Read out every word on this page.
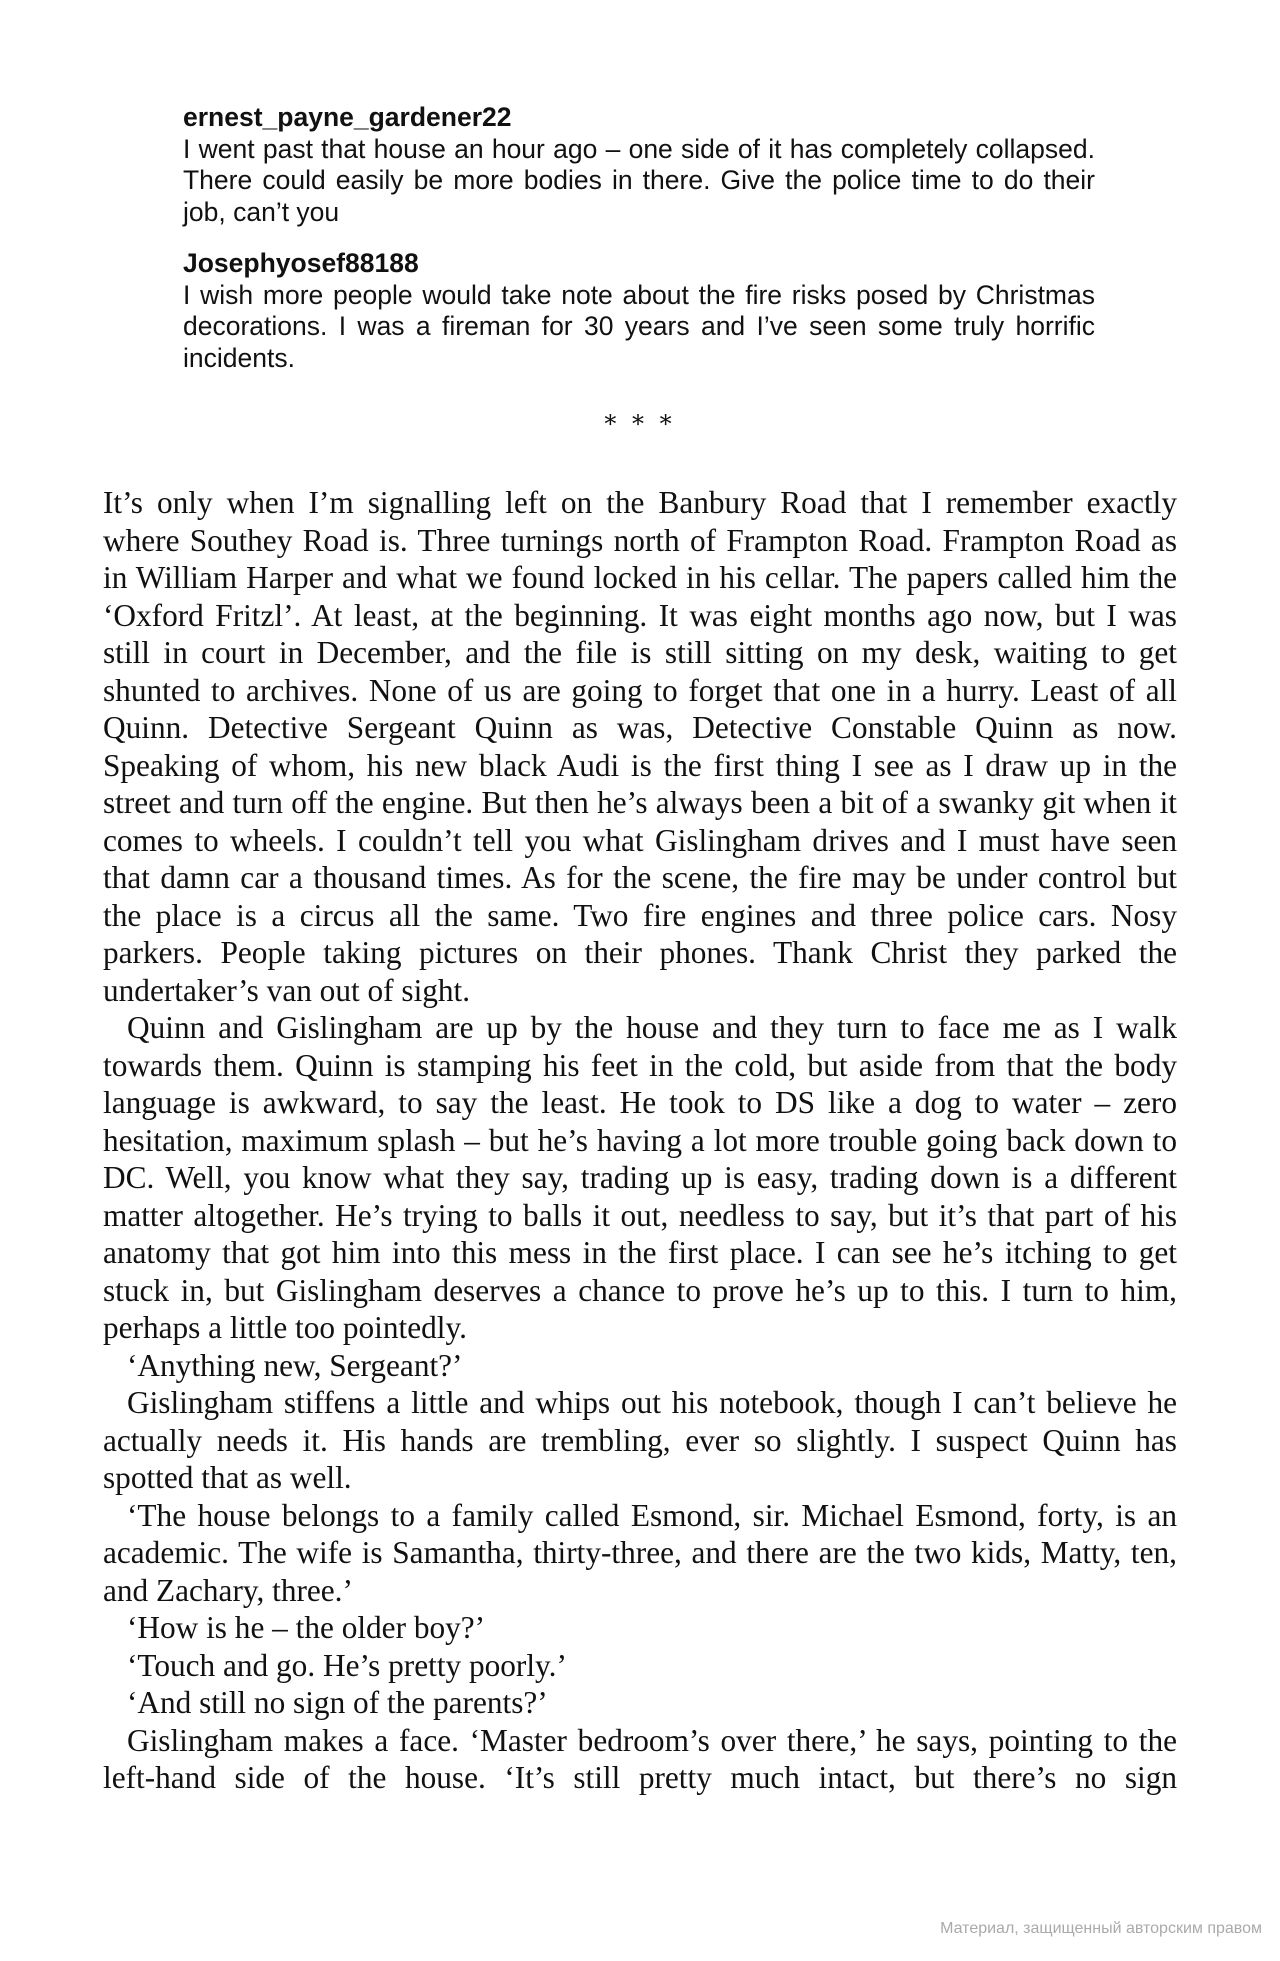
ernest_payne_gardener22
I went past that house an hour ago – one side of it has completely collapsed. There could easily be more bodies in there. Give the police time to do their job, can’t you
Josephyosef88188
I wish more people would take note about the fire risks posed by Christmas decorations. I was a fireman for 30 years and I’ve seen some truly horrific incidents.
* * *

It’s only when I’m signalling left on the Banbury Road that I remember exactly where Southey Road is. Three turnings north of Frampton Road. Frampton Road as in William Harper and what we found locked in his cellar. The papers called him the ‘Oxford Fritzl’. At least, at the beginning. It was eight months ago now, but I was still in court in December, and the file is still sitting on my desk, waiting to get shunted to archives. None of us are going to forget that one in a hurry. Least of all Quinn. Detective Sergeant Quinn as was, Detective Constable Quinn as now. Speaking of whom, his new black Audi is the first thing I see as I draw up in the street and turn off the engine. But then he’s always been a bit of a swanky git when it comes to wheels. I couldn’t tell you what Gislingham drives and I must have seen that damn car a thousand times. As for the scene, the fire may be under control but the place is a circus all the same. Two fire engines and three police cars. Nosy parkers. People taking pictures on their phones. Thank Christ they parked the undertaker’s van out of sight.

Quinn and Gislingham are up by the house and they turn to face me as I walk towards them. Quinn is stamping his feet in the cold, but aside from that the body language is awkward, to say the least. He took to DS like a dog to water – zero hesitation, maximum splash – but he’s having a lot more trouble going back down to DC. Well, you know what they say, trading up is easy, trading down is a different matter altogether. He’s trying to balls it out, needless to say, but it’s that part of his anatomy that got him into this mess in the first place. I can see he’s itching to get stuck in, but Gislingham deserves a chance to prove he’s up to this. I turn to him, perhaps a little too pointedly.

‘Anything new, Sergeant?’

Gislingham stiffens a little and whips out his notebook, though I can’t believe he actually needs it. His hands are trembling, ever so slightly. I suspect Quinn has spotted that as well.

‘The house belongs to a family called Esmond, sir. Michael Esmond, forty, is an academic. The wife is Samantha, thirty-three, and there are the two kids, Matty, ten, and Zachary, three.’

‘How is he – the older boy?’

‘Touch and go. He’s pretty poorly.’

‘And still no sign of the parents?’

Gislingham makes a face. ‘Master bedroom’s over there,’ he says, pointing to the left-hand side of the house. ‘It’s still pretty much intact, but there’s no sign

Материал, защищенный авторским правом
